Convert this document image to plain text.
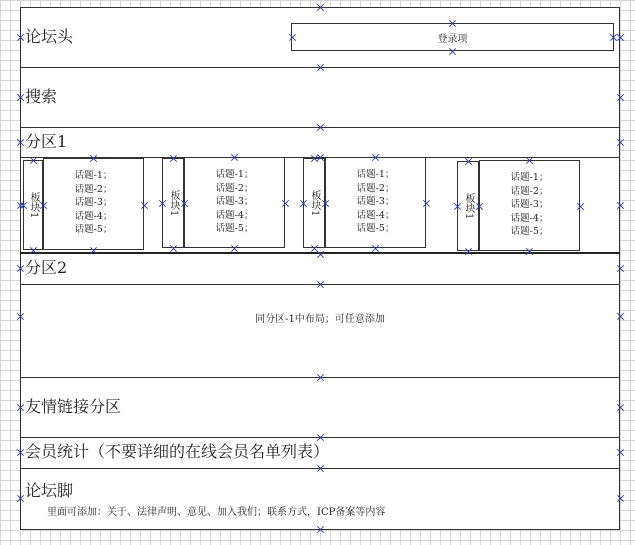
论坛头	登录项
搜索
分区1
板块1
话题-1；
话题-2；
话题-3；
话题-4；
话题-5；
板块1
话题-1；
话题-2；
话题-3；
话题-4；
话题-5；
板块1
话题-1；
话题-2；
话题-3；
话题-4；
话题-5；
板块1
话题-1；
话题-2；
话题-3；
话题-4；
话题-5；
分区2
同分区-1中布局；可任意添加
友情链接分区
会员统计（不要详细的在线会员名单列表）
论坛脚
里面可添加：关于、法律声明、意见、加入我们；联系方式，ICP备案等内容
